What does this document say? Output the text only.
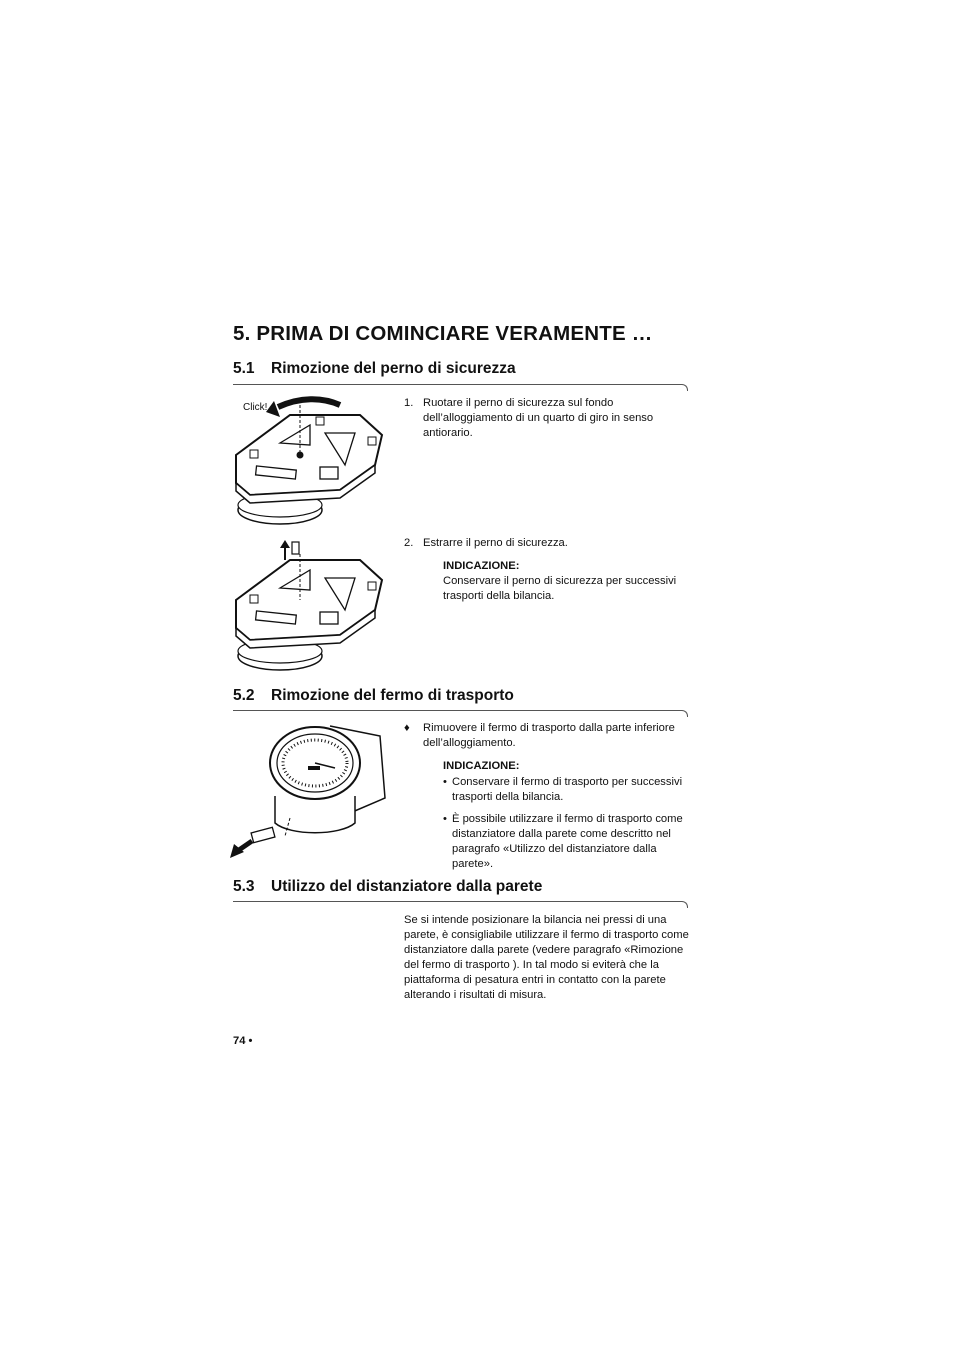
5. PRIMA DI COMINCIARE VERAMENTE …
5.1 Rimozione del perno di sicurezza
Click!	1. Ruotare il perno di sicurezza sul fondo dell’alloggiamento di un quarto di giro in senso antiorario.
2. Estrarre il perno di sicurezza.
INDICAZIONE:
Conservare il perno di sicurezza per successivi trasporti della bilancia.
5.2 Rimozione del fermo di trasporto
♦	Rimuovere il fermo di trasporto dalla parte inferiore dell’alloggiamento.
INDICAZIONE:
• Conservare il fermo di trasporto per successivi trasporti della bilancia.
• È possibile utilizzare il fermo di trasporto come distanziatore dalla parete come descritto nel paragrafo «Utilizzo del distanziatore dalla parete».
5.3 Utilizzo del distanziatore dalla parete
Se si intende posizionare la bilancia nei pressi di una parete, è consigliabile utilizzare il fermo di trasporto come distanziatore dalla parete (vedere paragrafo «Rimozione del fermo di trasporto ). In tal modo si eviterà che la piattaforma di pesatura entri in contatto con la parete alterando i risultati di misura.
74 •
